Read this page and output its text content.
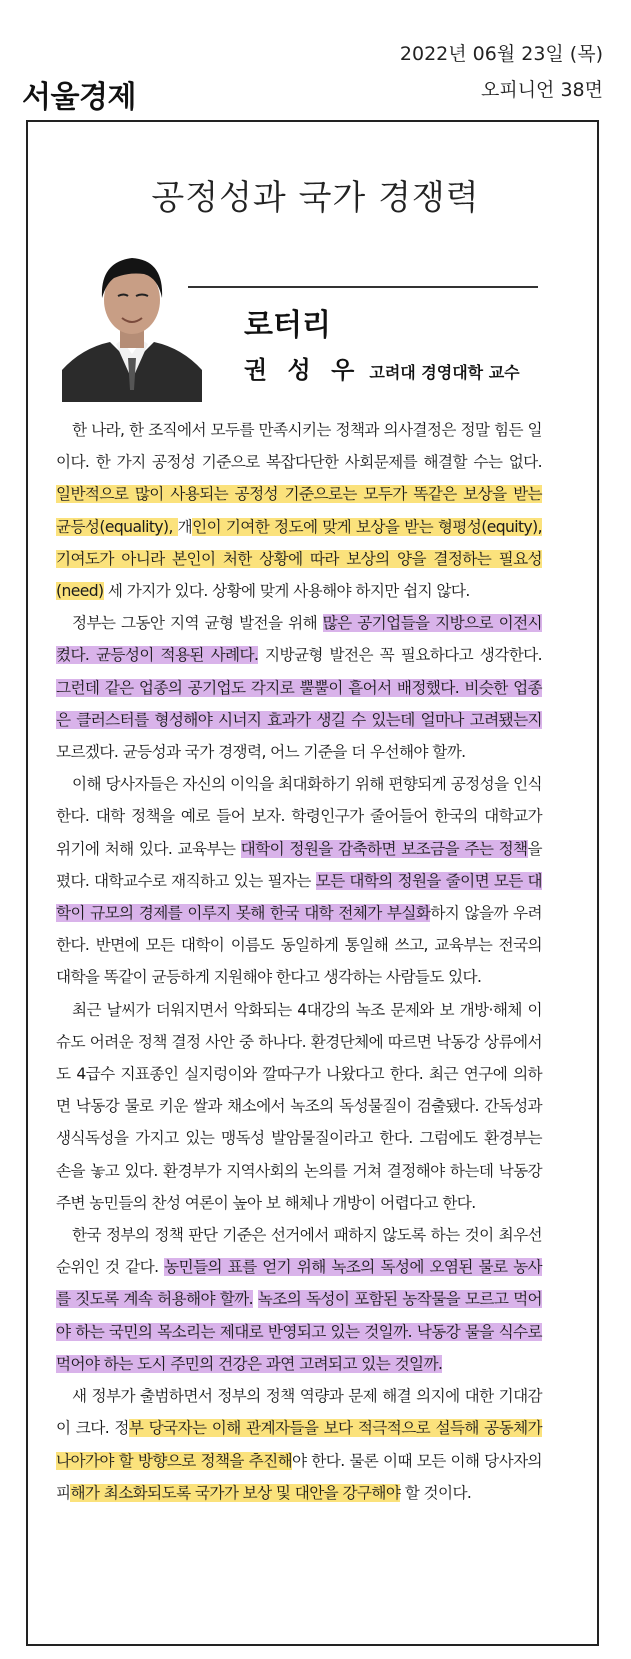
서울경제
2022년 06월 23일 (목)
오피니언 38면
공정성과 국가 경쟁력
로터리
권 성 우 고려대 경영대학 교수

한 나라, 한 조직에서 모두를 만족시키는 정책과 의사결정은 정말 힘든 일이다. 한 가지 공정성 기준으로 복잡다단한 사회문제를 해결할 수는 없다. 일반적으로 많이 사용되는 공정성 기준으로는 모두가 똑같은 보상을 받는 균등성(equality), 개인이 기여한 정도에 맞게 보상을 받는 형평성(equity), 기여도가 아니라 본인이 처한 상황에 따라 보상의 양을 결정하는 필요성(need) 세 가지가 있다. 상황에 맞게 사용해야 하지만 쉽지 않다.

정부는 그동안 지역 균형 발전을 위해 많은 공기업들을 지방으로 이전시켰다. 균등성이 적용된 사례다. 지방균형 발전은 꼭 필요하다고 생각한다. 그런데 같은 업종의 공기업도 각지로 뿔뿔이 흩어서 배정했다. 비슷한 업종은 클러스터를 형성해야 시너지 효과가 생길 수 있는데 얼마나 고려됐는지 모르겠다. 균등성과 국가 경쟁력, 어느 기준을 더 우선해야 할까.

이해 당사자들은 자신의 이익을 최대화하기 위해 편향되게 공정성을 인식한다. 대학 정책을 예로 들어 보자. 학령인구가 줄어들어 한국의 대학교가 위기에 처해 있다. 교육부는 대학이 정원을 감축하면 보조금을 주는 정책을 폈다. 대학교수로 재직하고 있는 필자는 모든 대학의 정원을 줄이면 모든 대학이 규모의 경제를 이루지 못해 한국 대학 전체가 부실화하지 않을까 우려한다. 반면에 모든 대학이 이름도 동일하게 통일해 쓰고, 교육부는 전국의 대학을 똑같이 균등하게 지원해야 한다고 생각하는 사람들도 있다.

최근 날씨가 더워지면서 악화되는 4대강의 녹조 문제와 보 개방·해체 이슈도 어려운 정책 결정 사안 중 하나다. 환경단체에 따르면 낙동강 상류에서도 4급수 지표종인 실지렁이와 깔따구가 나왔다고 한다. 최근 연구에 의하면 낙동강 물로 키운 쌀과 채소에서 녹조의 독성물질이 검출됐다. 간독성과 생식독성을 가지고 있는 맹독성 발암물질이라고 한다. 그럼에도 환경부는 손을 놓고 있다. 환경부가 지역사회의 논의를 거쳐 결정해야 하는데 낙동강 주변 농민들의 찬성 여론이 높아 보 해체나 개방이 어렵다고 한다.

한국 정부의 정책 판단 기준은 선거에서 패하지 않도록 하는 것이 최우선 순위인 것 같다. 농민들의 표를 얻기 위해 녹조의 독성에 오염된 물로 농사를 짓도록 계속 허용해야 할까. 녹조의 독성이 포함된 농작물을 모르고 먹어야 하는 국민의 목소리는 제대로 반영되고 있는 것일까. 낙동강 물을 식수로 먹어야 하는 도시 주민의 건강은 과연 고려되고 있는 것일까.

새 정부가 출범하면서 정부의 정책 역량과 문제 해결 의지에 대한 기대감이 크다. 정부 당국자는 이해 관계자들을 보다 적극적으로 설득해 공동체가 나아가야 할 방향으로 정책을 추진해야 한다. 물론 이때 모든 이해 당사자의 피해가 최소화되도록 국가가 보상 및 대안을 강구해야 할 것이다.
